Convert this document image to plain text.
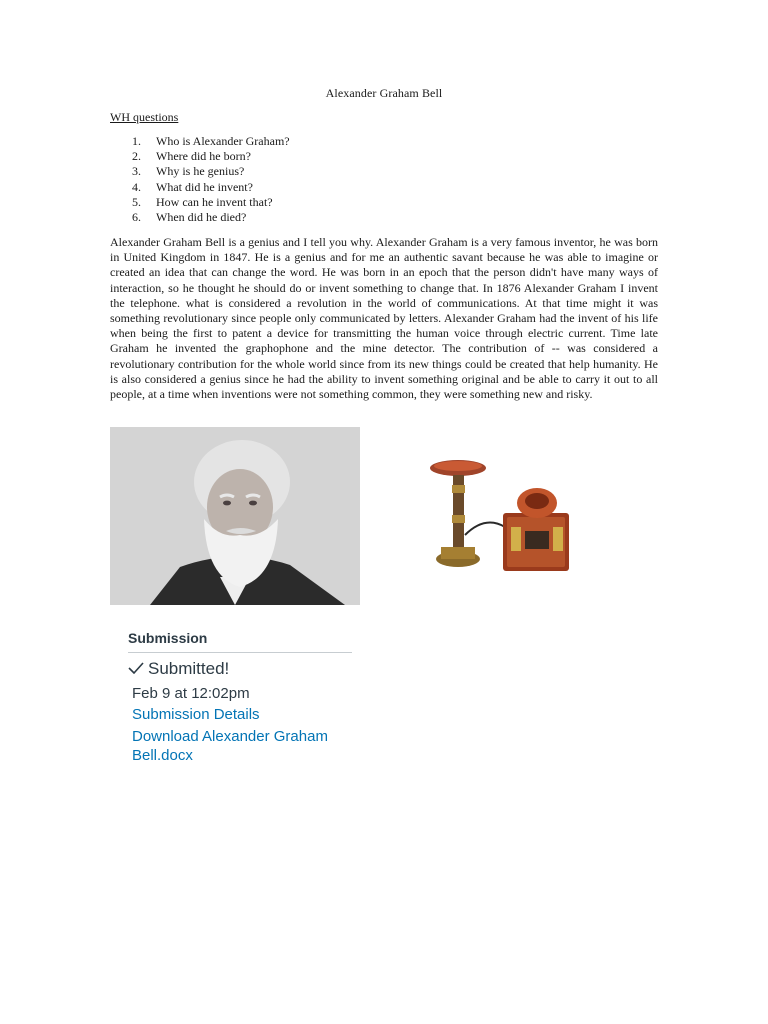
Alexander Graham Bell
WH questions
1. Who is Alexander Graham?
2. Where did he born?
3. Why is he genius?
4. What did he invent?
5. How can he invent that?
6. When did he died?

Alexander Graham Bell is a genius and I tell you why. Alexander Graham is a very famous inventor, he was born in United Kingdom in 1847. He is a genius and for me an authentic savant because he was able to imagine or created an idea that can change the word. He was born in an epoch that the person didn't have many ways of interaction, so he thought he should do or invent something to change that. In 1876 Alexander Graham I invent the telephone. what is considered a revolution in the world of communications. At that time might it was something revolutionary since people only communicated by letters. Alexander Graham had the invent of his life when being the first to patent a device for transmitting the human voice through electric current. Time late Graham he invented the graphophone and the mine detector. The contribution of -- was considered a revolutionary contribution for the whole world since from its new things could be created that help humanity. He is also considered a genius since he had the ability to invent something original and be able to carry it out to all people, at a time when inventions were not something common, they were something new and risky.

Submission
Submitted!
Feb 9 at 12:02pm
Submission Details
Download Alexander Graham Bell.docx
